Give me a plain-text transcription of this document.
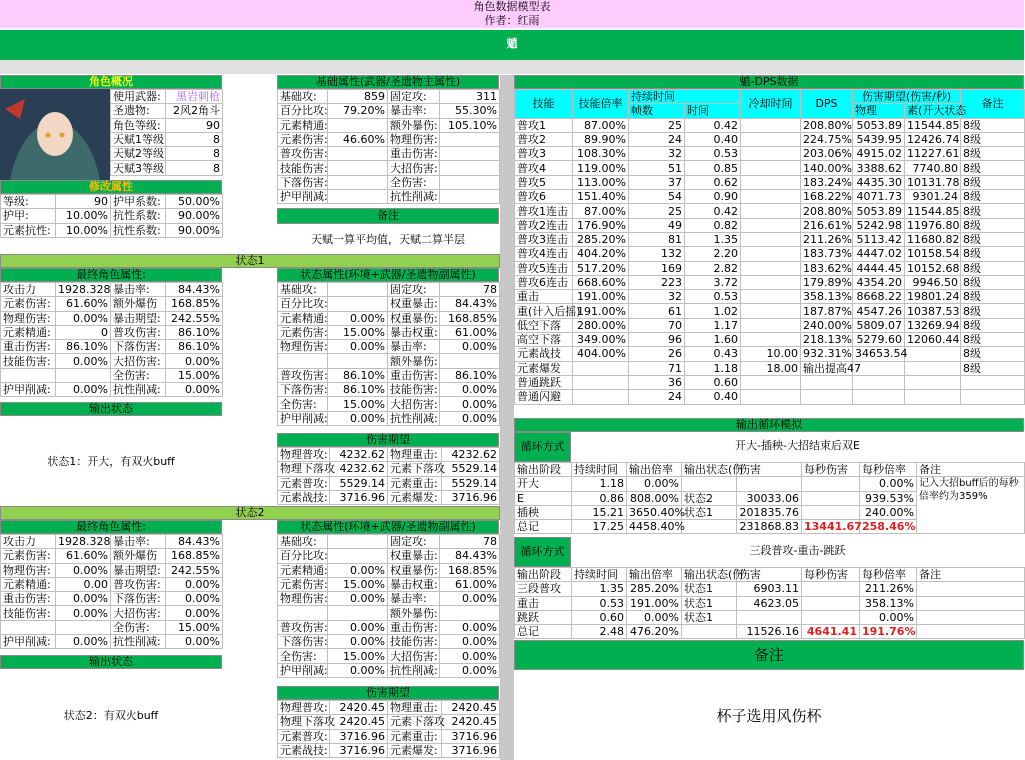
角色数据模型表
作者：红雨
魈
角色概况
使用武器:	黑岩刺枪
圣遗物:	2风2角斗
角色等级:	90
天赋1等级	8
天赋2等级	8
天赋3等级	8
修改属性
等级:	90	护甲系数:	50.00%
护甲:	10.00%	抗性系数:	90.00%
元素抗性:	10.00%	抗性系数:	90.00%
基础属性(武器/圣遗物主属性)
基础攻:	859	固定攻:	311
百分比攻:	79.20%	暴击率:	55.30%
元素精通:		额外暴伤:	105.10%
元素伤害:	46.60%	物理伤害:	
普攻伤害:		重击伤害:	
技能伤害:		大招伤害:	
下落伤害:		全伤害:	
护甲削减:		抗性削减:	
备注
天赋一算平均值，天赋二算半层
状态1
最终角色属性:
攻击力	1928.328	暴击率:	84.43%
元素伤害:	61.60%	额外爆伤	168.85%
物理伤害:	0.00%	暴击期望:	242.55%
元素精通:	0	普攻伤害:	86.10%
重击伤害:	86.10%	下落伤害:	86.10%
技能伤害:	0.00%	大招伤害:	0.00%
		全伤害:	15.00%
护甲削减:	0.00%	抗性削减:	0.00%
输出状态
状态1：开大，有双火buff
状态属性(环境+武器/圣遗物副属性)
基础攻:		固定攻:	78
百分比攻:		权重暴击:	84.43%
元素精通:	0.00%	权重暴伤:	168.85%
元素伤害:	15.00%	暴击权重:	61.00%
物理伤害:	0.00%	暴击率:	0.00%
		额外暴伤:	
普攻伤害:	86.10%	重击伤害:	86.10%
下落伤害:	86.10%	技能伤害:	0.00%
全伤害:	15.00%	大招伤害:	0.00%
护甲削减:	0.00%	抗性削减:	0.00%
伤害期望
物理普攻:	4232.62	物理重击:	4232.62
物理下落攻	4232.62	元素下落攻	5529.14
元素普攻:	5529.14	元素重击:	5529.14
元素战技:	3716.96	元素爆发:	3716.96
状态2
最终角色属性:
攻击力	1928.328	暴击率:	84.43%
元素伤害:	61.60%	额外爆伤	168.85%
物理伤害:	0.00%	暴击期望:	242.55%
元素精通:	0.00	普攻伤害:	0.00%
重击伤害:	0.00%	下落伤害:	0.00%
技能伤害:	0.00%	大招伤害:	0.00%
		全伤害:	15.00%
护甲削减:	0.00%	抗性削减:	0.00%
输出状态
状态2：有双火buff
状态属性(环境+武器/圣遗物副属性)
基础攻:		固定攻:	78
百分比攻:		权重暴击:	84.43%
元素精通:	0.00%	权重暴伤:	168.85%
元素伤害:	15.00%	暴击权重:	61.00%
物理伤害:	0.00%	暴击率:	0.00%
		额外暴伤:	
普攻伤害:	0.00%	重击伤害:	0.00%
下落伤害:	0.00%	技能伤害:	0.00%
全伤害:	15.00%	大招伤害:	0.00%
护甲削减:	0.00%	抗性削减:	0.00%
伤害期望
物理普攻:	2420.45	物理重击:	2420.45
物理下落攻	2420.45	元素下落攻	2420.45
元素普攻:	3716.96	元素重击:	3716.96
元素战技:	3716.96	元素爆发:	3716.96
魈-DPS数据
技能	技能倍率	持续时间		冷却时间	DPS	伤害期望(伤害/秒)		备注
		帧数	时间			物理	素(开大状态	
普攻1	87.00%	25	0.42		208.80%	5053.89	11544.85	8级
普攻2	89.90%	24	0.40		224.75%	5439.95	12426.74	8级
普攻3	108.30%	32	0.53		203.06%	4915.02	11227.61	8级
普攻4	119.00%	51	0.85		140.00%	3388.62	7740.80	8级
普攻5	113.00%	37	0.62		183.24%	4435.30	10131.78	8级
普攻6	151.40%	54	0.90		168.22%	4071.73	9301.24	8级
普攻1连击	87.00%	25	0.42		208.80%	5053.89	11544.85	8级
普攻2连击	176.90%	49	0.82		216.61%	5242.98	11976.80	8级
普攻3连击	285.20%	81	1.35		211.26%	5113.42	11680.82	8级
普攻4连击	404.20%	132	2.20		183.73%	4447.02	10158.54	8级
普攻5连击	517.20%	169	2.82		183.62%	4444.45	10152.68	8级
普攻6连击	668.60%	223	3.72		179.89%	4354.20	9946.50	8级
重击	191.00%	32	0.53		358.13%	8668.22	19801.24	8级
重(计入后摇)	191.00%	61	1.02		187.87%	4547.26	10387.53	8级
低空下落	280.00%	70	1.17		240.00%	5809.07	13269.94	8级
高空下落	349.00%	96	1.60		218.13%	5279.60	12060.44	8级
元素战技	404.00%	26	0.43	10.00	932.31%	34653.54		8级
元素爆发		71	1.18	18.00	输出提高47			8级
普通跳跃		36	0.60					
普通闪避		24	0.40					
输出循环模拟
循环方式	开大-插秧-大招结束后双E
输出阶段	持续时间	输出倍率	输出状态(伤	伤害	每秒伤害	每秒倍率	备注
开大	1.18	0.00%				0.00%	记入大招buff后的每秒倍率约为359%
E	0.86	808.00%	状态2	30033.06		939.53%	
插秧	15.21	3650.40%	状态1	201835.76		240.00%	
总记	17.25	4458.40%		231868.83	13441.67	258.46%	
循环方式	三段普攻-重击-跳跃
输出阶段	持续时间	输出倍率	输出状态(伤	伤害	每秒伤害	每秒倍率	备注
三段普攻	1.35	285.20%	状态1	6903.11		211.26%	
重击	0.53	191.00%	状态1	4623.05		358.13%	
跳跃	0.60	0.00%	状态1			0.00%	
总记	2.48	476.20%		11526.16	4641.41	191.76%	
备注
杯子选用风伤杯
